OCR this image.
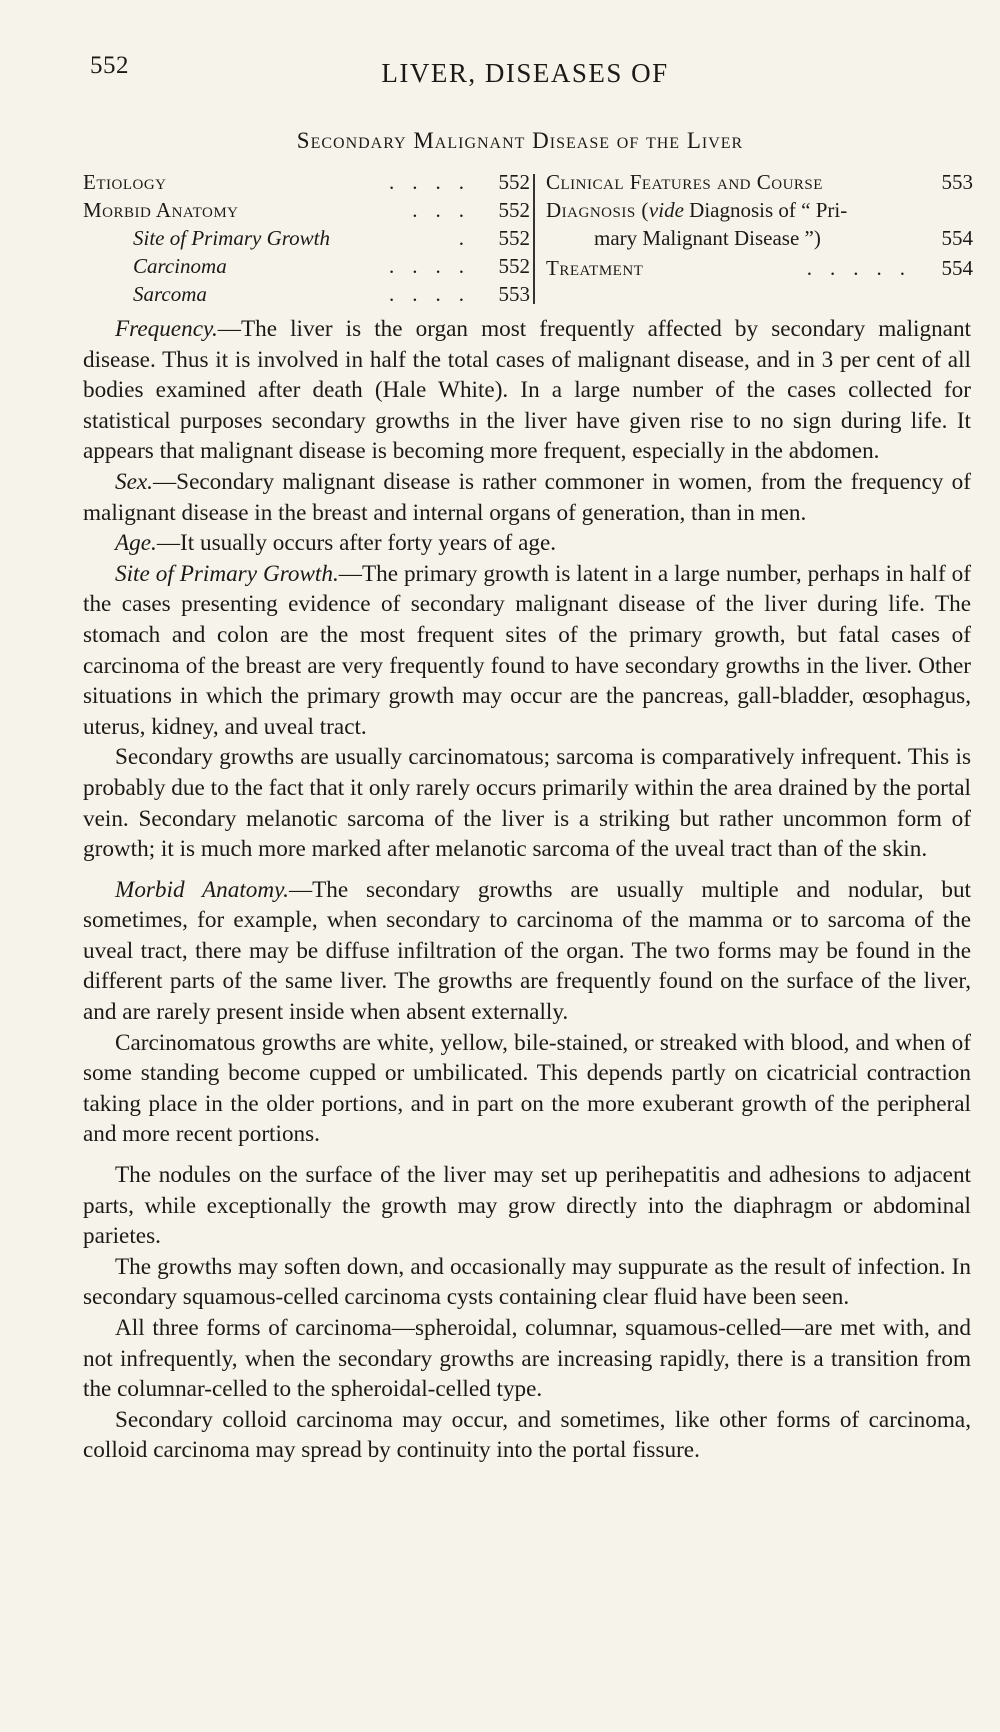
552	LIVER, DISEASES OF
Secondary Malignant Disease of the Liver
Etiology	.... 552
Morbid Anatomy	... 552
Site of Primary Growth	. 552
Carcinoma	.... 552
Sarcoma	.... 553
Clinical Features and Course	553
Diagnosis (vide Diagnosis of “ Pri-
mary Malignant Disease ”)	554
Treatment	..... 554

Frequency.—The liver is the organ most frequently affected by secondary malignant disease. Thus it is involved in half the total cases of malignant disease, and in 3 per cent of all bodies examined after death (Hale White). In a large number of the cases collected for statistical purposes secondary growths in the liver have given rise to no sign during life. It appears that malignant disease is becoming more frequent, especially in the abdomen.

Sex.—Secondary malignant disease is rather commoner in women, from the frequency of malignant disease in the breast and internal organs of generation, than in men.

Age.—It usually occurs after forty years of age.

Site of Primary Growth.—The primary growth is latent in a large number, perhaps in half of the cases presenting evidence of secondary malignant disease of the liver during life. The stomach and colon are the most frequent sites of the primary growth, but fatal cases of carcinoma of the breast are very frequently found to have secondary growths in the liver. Other situations in which the primary growth may occur are the pancreas, gall-bladder, œsophagus, uterus, kidney, and uveal tract.

Secondary growths are usually carcinomatous; sarcoma is comparatively infrequent. This is probably due to the fact that it only rarely occurs primarily within the area drained by the portal vein. Secondary melanotic sarcoma of the liver is a striking but rather uncommon form of growth; it is much more marked after melanotic sarcoma of the uveal tract than of the skin.

Morbid Anatomy.—The secondary growths are usually multiple and nodular, but sometimes, for example, when secondary to carcinoma of the mamma or to sarcoma of the uveal tract, there may be diffuse infiltration of the organ. The two forms may be found in the different parts of the same liver. The growths are frequently found on the surface of the liver, and are rarely present inside when absent externally.

Carcinomatous growths are white, yellow, bile-stained, or streaked with blood, and when of some standing become cupped or umbilicated. This depends partly on cicatricial contraction taking place in the older portions, and in part on the more exuberant growth of the peripheral and more recent portions.

The nodules on the surface of the liver may set up perihepatitis and adhesions to adjacent parts, while exceptionally the growth may grow directly into the diaphragm or abdominal parietes.

The growths may soften down, and occasionally may suppurate as the result of infection. In secondary squamous-celled carcinoma cysts containing clear fluid have been seen.

All three forms of carcinoma—spheroidal, columnar, squamous-celled—are met with, and not infrequently, when the secondary growths are increasing rapidly, there is a transition from the columnar-celled to the spheroidal-celled type.

Secondary colloid carcinoma may occur, and sometimes, like other forms of carcinoma, colloid carcinoma may spread by continuity into the portal fissure.
